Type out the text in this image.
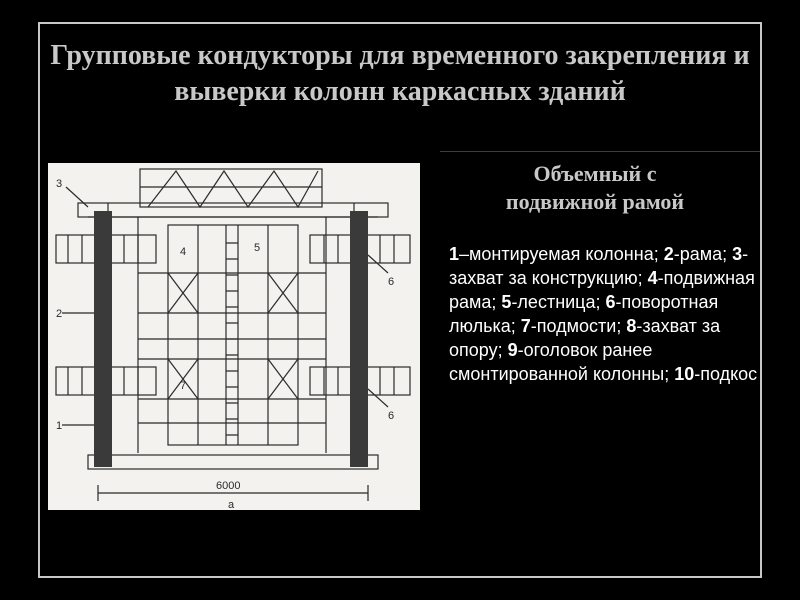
Групповые кондукторы для временного закрепления и выверки колонн каркасных зданий
Объемный с
подвижной рамой
1–монтируемая колонна; 2-рама; 3-захват за конструкцию; 4-подвижная рама; 5-лестница; 6-поворотная люлька; 7-подмости; 8-захват за опору; 9-оголовок ранее смонтированной колонны; 10-подкос
3
1
2
4	5
6
6
7
6000
а
